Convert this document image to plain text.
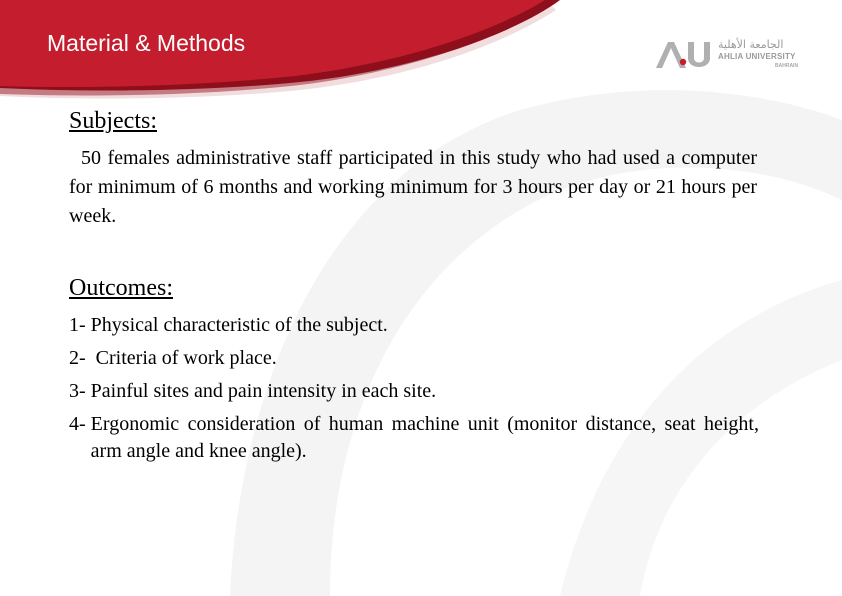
Material & Methods	الجامعة الأهلية
AHLIA UNIVERSITY
BAHRAIN
Subjects:
50 females administrative staff participated in this study who had used a computer for minimum of 6 months and working minimum for 3 hours per day or 21 hours per week.
Outcomes:
1- Physical characteristic of the subject.
2- Criteria of work place.
3- Painful sites and pain intensity in each site.
4- Ergonomic consideration of human machine unit (monitor distance, seat height, arm angle and knee angle).
